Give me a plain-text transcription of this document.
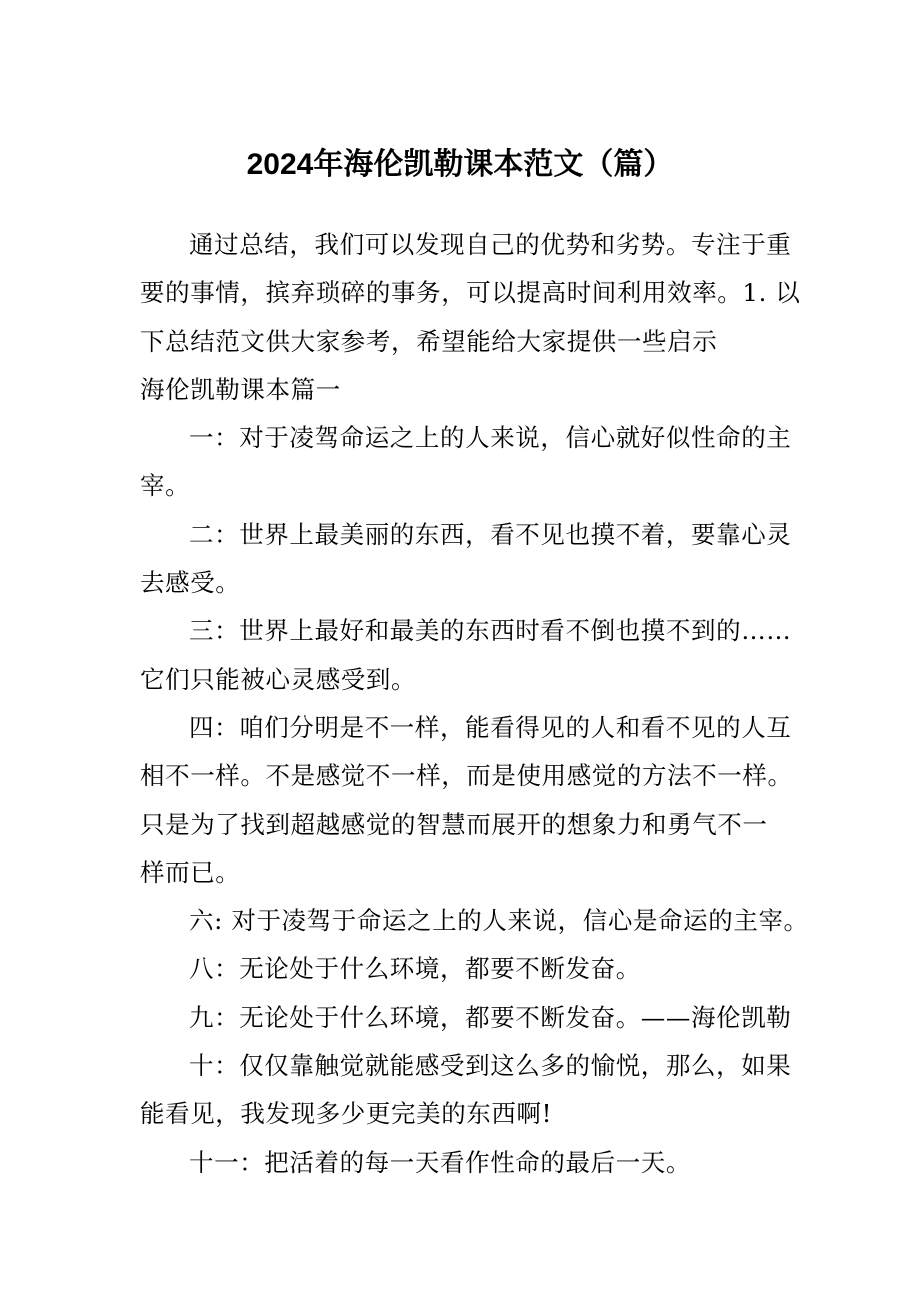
2024年海伦凯勒课本范文（篇）
通过总结，我们可以发现自己的优势和劣势。专注于重
要的事情，摈弃琐碎的事务，可以提高时间利用效率。1. 以
下总结范文供大家参考，希望能给大家提供一些启示
海伦凯勒课本篇一
一：对于凌驾命运之上的人来说，信心就好似性命的主
宰。
二：世界上最美丽的东西，看不见也摸不着，要靠心灵
去感受。
三：世界上最好和最美的东西时看不倒也摸不到的……
它们只能被心灵感受到。
四：咱们分明是不一样，能看得见的人和看不见的人互
相不一样。不是感觉不一样，而是使用感觉的方法不一样。
只是为了找到超越感觉的智慧而展开的想象力和勇气不一
样而已。
六: 对于凌驾于命运之上的人来说，信心是命运的主宰。
八：无论处于什么环境，都要不断发奋。
九：无论处于什么环境，都要不断发奋。——海伦凯勒
十：仅仅靠触觉就能感受到这么多的愉悦，那么，如果
能看见，我发现多少更完美的东西啊!
十一：把活着的每一天看作性命的最后一天。
